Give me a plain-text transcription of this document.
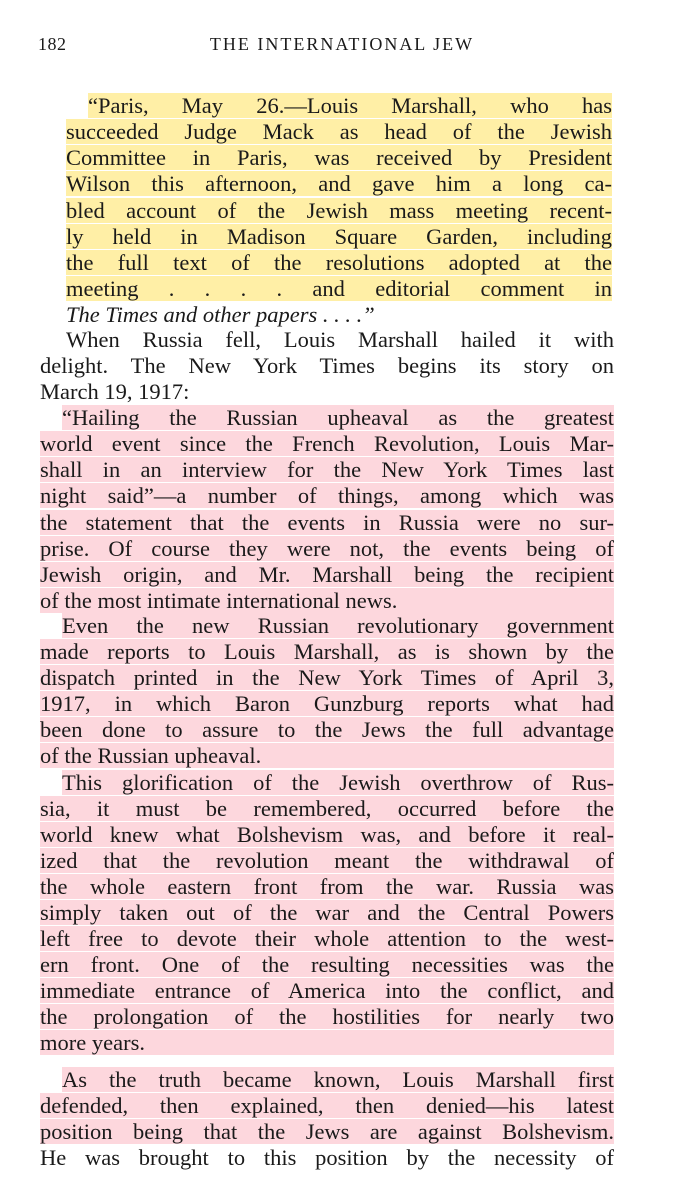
182	THE INTERNATIONAL JEW
“Paris, May 26.—Louis Marshall, who has
succeeded Judge Mack as head of the Jewish
Committee in Paris, was received by President
Wilson this afternoon, and gave him a long ca-
bled account of the Jewish mass meeting recent-
ly held in Madison Square Garden, including
the full text of the resolutions adopted at the
meeting . . . . and editorial comment in
The Times and other papers . . . .”
When Russia fell, Louis Marshall hailed it with
delight. The New York Times begins its story on
March 19, 1917:
“Hailing the Russian upheaval as the greatest
world event since the French Revolution, Louis Mar-
shall in an interview for the New York Times last
night said”—a number of things, among which was
the statement that the events in Russia were no sur-
prise. Of course they were not, the events being of
Jewish origin, and Mr. Marshall being the recipient
of the most intimate international news.
Even the new Russian revolutionary government
made reports to Louis Marshall, as is shown by the
dispatch printed in the New York Times of April 3,
1917, in which Baron Gunzburg reports what had
been done to assure to the Jews the full advantage
of the Russian upheaval.
This glorification of the Jewish overthrow of Rus-
sia, it must be remembered, occurred before the
world knew what Bolshevism was, and before it real-
ized that the revolution meant the withdrawal of
the whole eastern front from the war. Russia was
simply taken out of the war and the Central Powers
left free to devote their whole attention to the west-
ern front. One of the resulting necessities was the
immediate entrance of America into the conflict, and
the prolongation of the hostilities for nearly two
more years.
As the truth became known, Louis Marshall first
defended, then explained, then denied—his latest
position being that the Jews are against Bolshevism.
He was brought to this position by the necessity of
